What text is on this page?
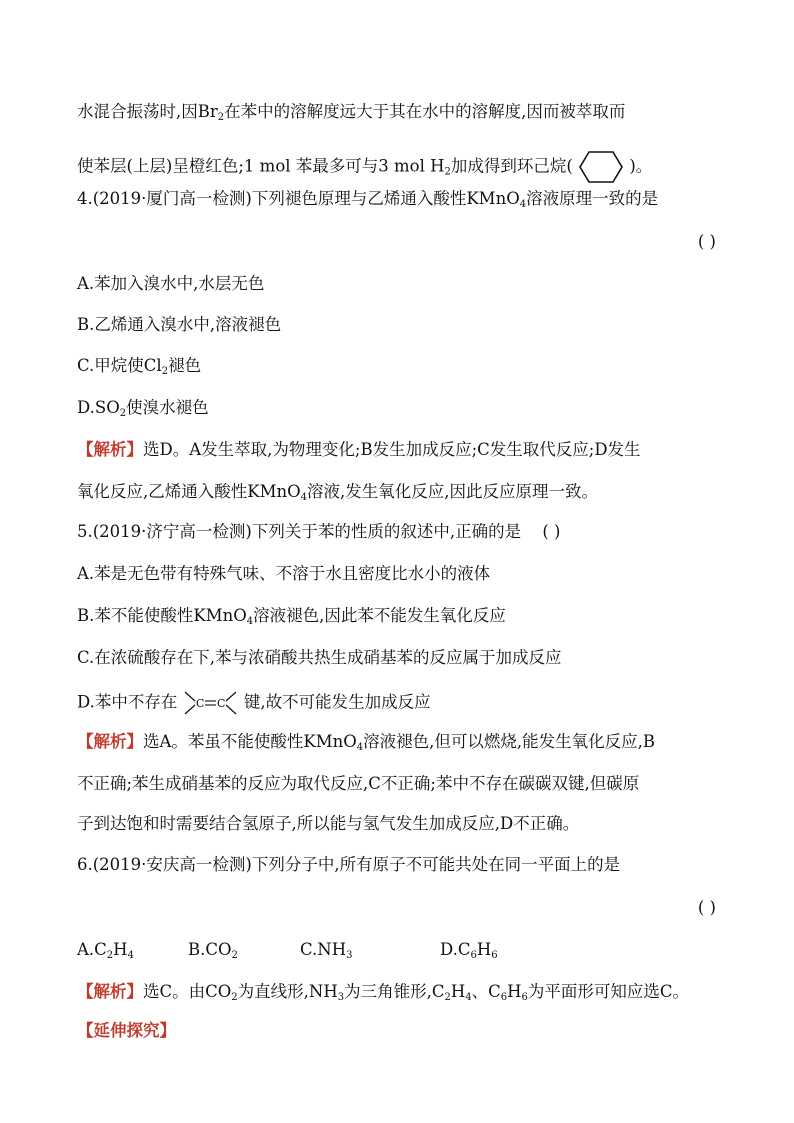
水混合振荡时,因$Br_2$在苯中的溶解度远大于其在水中的溶解度,因而被萃取而
使苯层(上层)呈橙红色;1 mol 苯最多可与3 mol $H_2$加成得到环己烷(	)。
4.(2019·厦门高一检测)下列褪色原理与乙烯通入酸性KMnO$_4$溶液原理一致的是
( )
A.苯加入溴水中,水层无色
B.乙烯通入溴水中,溶液褪色
C.甲烷使$Cl_2$褪色
$D.SO_2$使溴水褪色
【解析】选D。A发生萃取,为物理变化;B发生加成反应;C发生取代反应;D发生
氧化反应,乙烯通入酸性KMnO$_4$溶液,发生氧化反应,因此反应原理一致。
5.(2019·济宁高一检测)下列关于苯的性质的叙述中,正确的是 ( )
A.苯是无色带有特殊气味、不溶于水且密度比水小的液体
B.苯不能使酸性KMnO$_4$溶液褪色,因此苯不能发生氧化反应
C.在浓硫酸存在下,苯与浓硝酸共热生成硝基苯的反应属于加成反应
D.苯中不存在 C C 键,故不可能发生加成反应
【解析】选A。苯虽不能使酸性KMnO$_4$溶液褪色,但可以燃烧,能发生氧化反应,B
不正确;苯生成硝基苯的反应为取代反应,C不正确;苯中不存在碳碳双键,但碳原
子到达饱和时需要结合氢原子,所以能与氢气发生加成反应,D不正确。
6.(2019·安庆高一检测)下列分子中,所有原子不可能共处在同一平面上的是
( )
$A.C_2H_4$	$B.CO_2$	$C.NH_3$	$D.C_6H_6$
【解析】选C。由$CO_2$为直线形$,NH_3$为三角锥形$,C_2H_4$、$C_6H_6$为平面形可知应选C。
【延伸探究】
